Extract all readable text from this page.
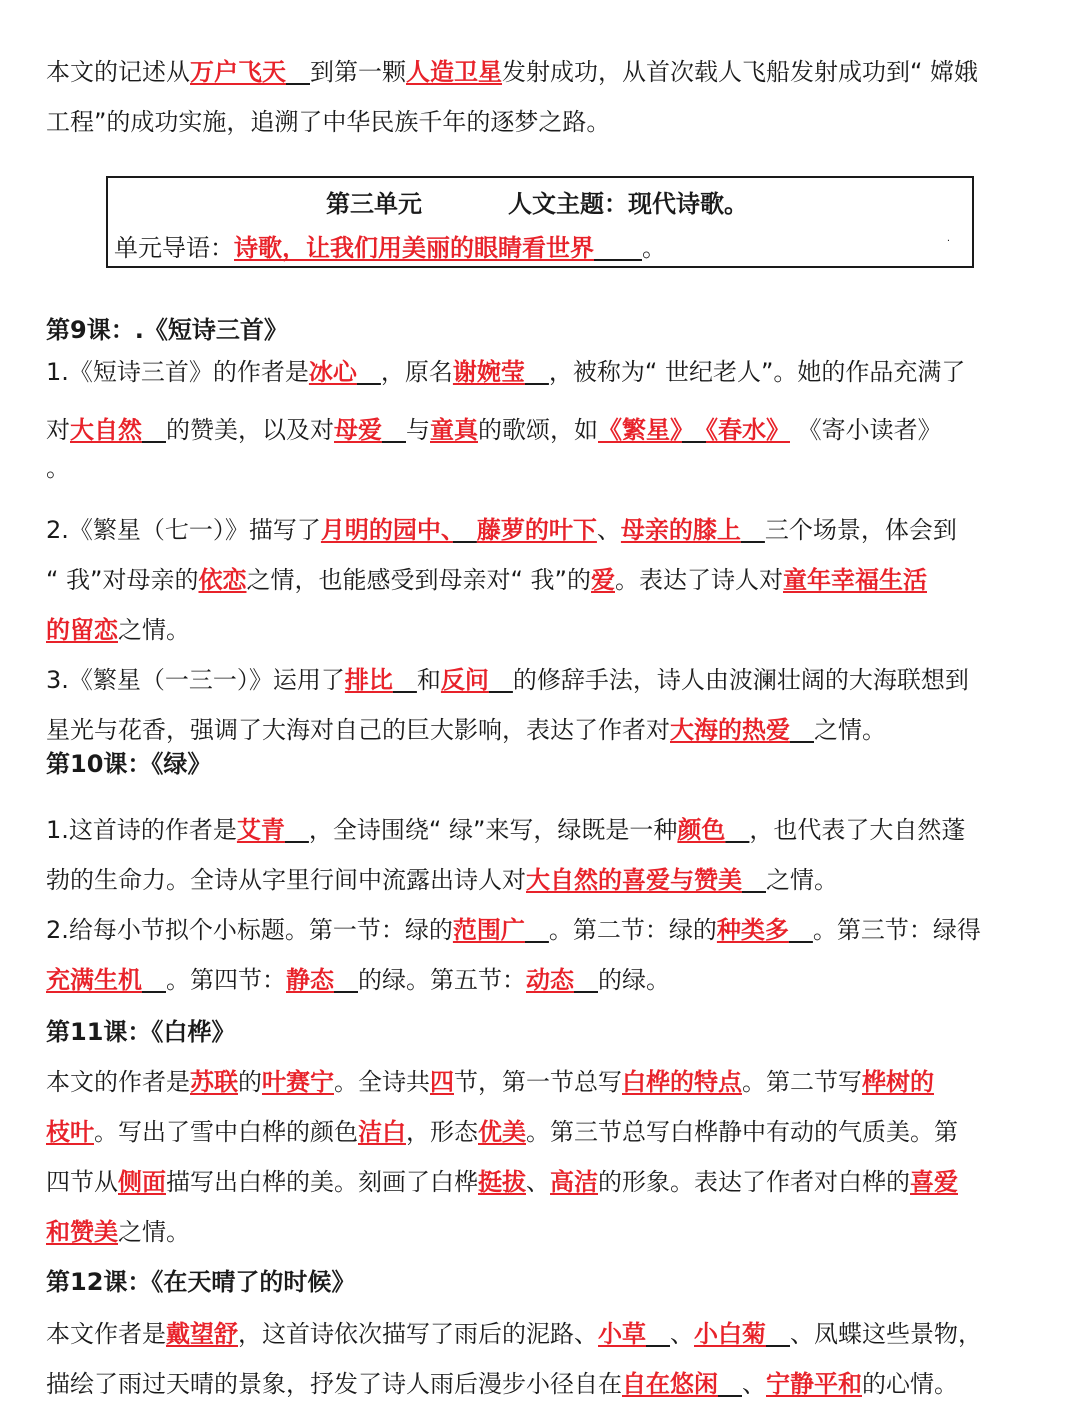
本文的记述从万户飞天　 到第一颗人造卫星发射成功，从首次载人飞船发射成功到“ 嫦娥
工程”的成功实施，追溯了中华民族千年的逐梦之路。
第三单元	人文主题：现代诗歌。
单元导语：诗歌，让我们用美丽的眼睛看世界　　 。	·
第9课：.《短诗三首》
1.《短诗三首》的作者是冰心　 ，原名谢婉莹　 ，被称为“ 世纪老人”。她的作品充满了
对大自然　 的赞美，以及对母爱　 与童真的歌颂，如《繁星》　 《春水》 《寄小读者》
。
2.《繁星（七一）》描写了月明的园中、　 藤萝的叶下、母亲的膝上　 三个场景，体会到
“ 我”对母亲的依恋之情，也能感受到母亲对“ 我”的爱。表达了诗人对童年幸福生活
的留恋之情。
3.《繁星（一三一）》运用了排比　 和反问　 的修辞手法，诗人由波澜壮阔的大海联想到
星光与花香，强调了大海对自己的巨大影响，表达了作者对大海的热爱　 之情。
第10课：《绿》
1.这首诗的作者是艾青　 ，全诗围绕“ 绿”来写，绿既是一种颜色　 ，也代表了大自然蓬
勃的生命力。全诗从字里行间中流露出诗人对大自然的喜爱与赞美　 之情。
2.给每小节拟个小标题。第一节：绿的范围广　 。第二节：绿的种类多　 。第三节：绿得
充满生机　 。第四节：静态　 的绿。第五节：动态　 的绿。
第11课：《白桦》
本文的作者是苏联的叶赛宁。全诗共四节，第一节总写白桦的特点。第二节写桦树的
枝叶。写出了雪中白桦的颜色洁白，形态优美。第三节总写白桦静中有动的气质美。第
四节从侧面描写出白桦的美。刻画了白桦挺拔、高洁的形象。表达了作者对白桦的喜爱
和赞美之情。
第12课：《在天晴了的时候》
本文作者是戴望舒，这首诗依次描写了雨后的泥路、小草　 、小白菊　 、凤蝶这些景物，
描绘了雨过天晴的景象，抒发了诗人雨后漫步小径自在自在悠闲　 、宁静平和的心情。
